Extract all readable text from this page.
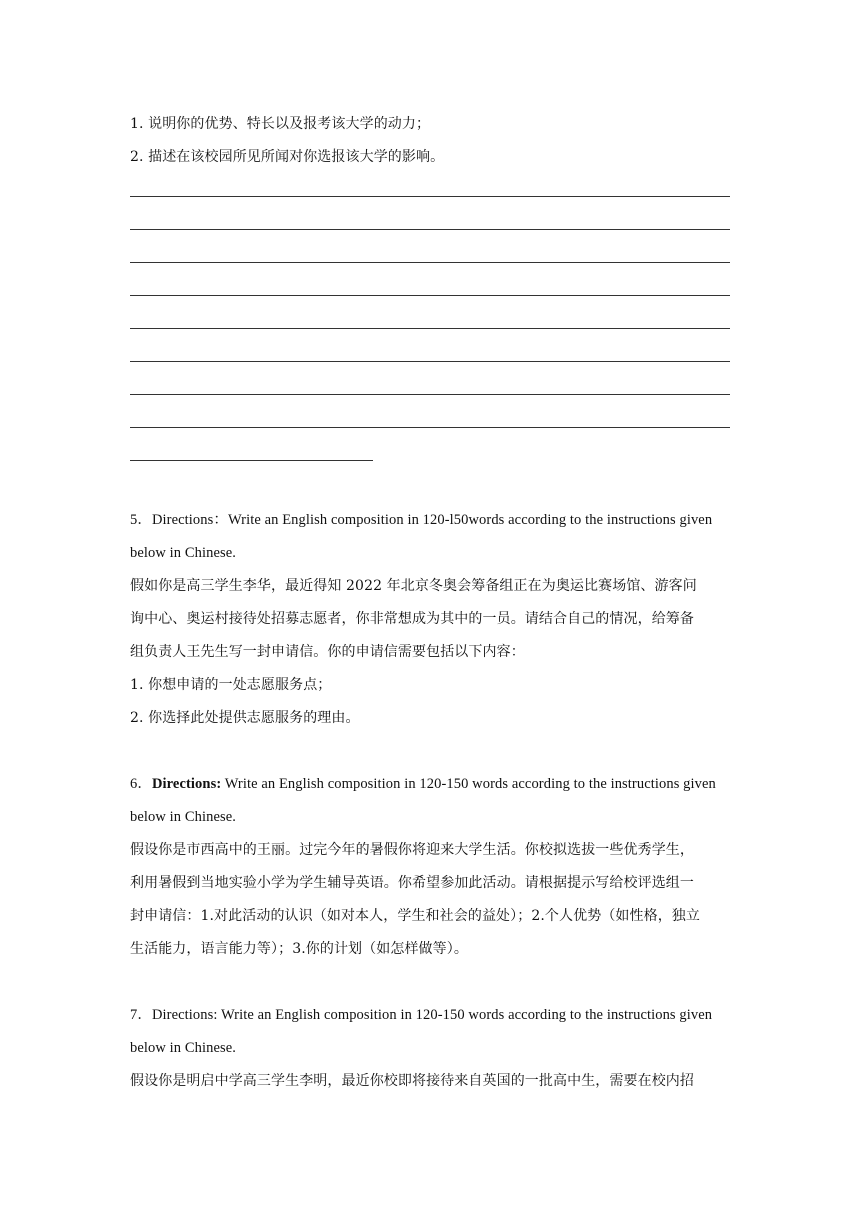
1. 说明你的优势、特长以及报考该大学的动力；
2. 描述在该校园所见所闻对你选报该大学的影响。
5．Directions：Write an English composition in 120-l50words according to the instructions given
below in Chinese.
假如你是高三学生李华，最近得知 2022 年北京冬奥会筹备组正在为奥运比赛场馆、游客问
询中心、奥运村接待处招募志愿者，你非常想成为其中的一员。请结合自己的情况，给筹备
组负责人王先生写一封申请信。你的申请信需要包括以下内容：
1. 你想申请的一处志愿服务点；
2. 你选择此处提供志愿服务的理由。
6．Directions: Write an English composition in 120-150 words according to the instructions given
below in Chinese.
假设你是市西高中的王丽。过完今年的暑假你将迎来大学生活。你校拟选拔一些优秀学生，
利用暑假到当地实验小学为学生辅导英语。你希望参加此活动。请根据提示写给校评选组一
封申请信：1.对此活动的认识（如对本人，学生和社会的益处）；2.个人优势（如性格，独立
生活能力，语言能力等）；3.你的计划（如怎样做等）。
7．Directions: Write an English composition in 120-150 words according to the instructions given
below in Chinese.
假设你是明启中学高三学生李明，最近你校即将接待来自英国的一批高中生，需要在校内招
